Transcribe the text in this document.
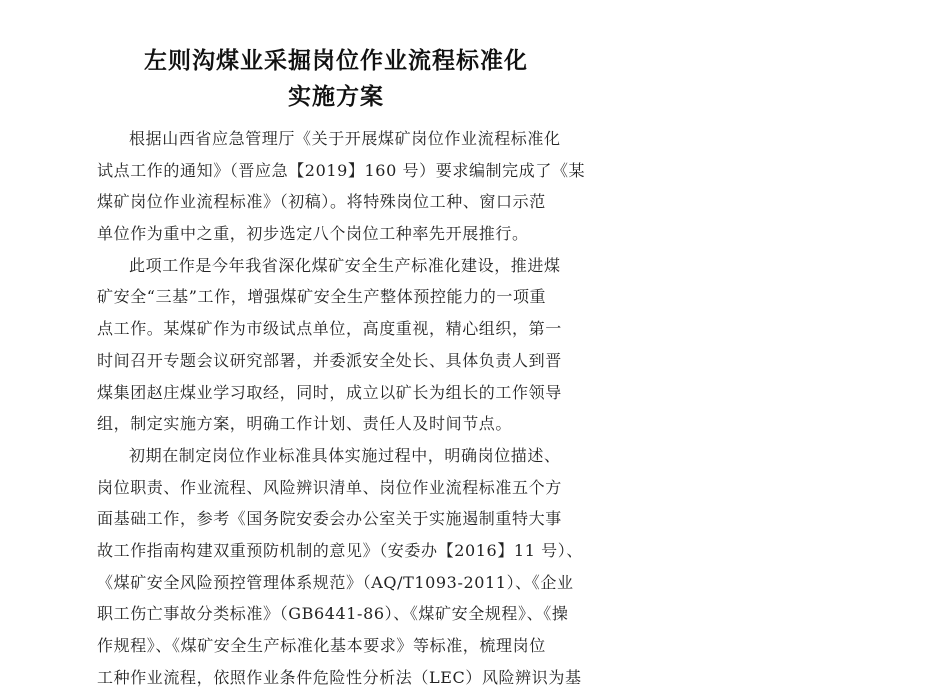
左则沟煤业采掘岗位作业流程标准化
实施方案
根据山西省应急管理厅《关于开展煤矿岗位作业流程标准化
试点工作的通知》（晋应急【2019】160 号）要求编制完成了《某
煤矿岗位作业流程标准》（初稿）。将特殊岗位工种、窗口示范
单位作为重中之重，初步选定八个岗位工种率先开展推行。
此项工作是今年我省深化煤矿安全生产标准化建设，推进煤
矿安全“三基”工作，增强煤矿安全生产整体预控能力的一项重
点工作。某煤矿作为市级试点单位，高度重视，精心组织，第一
时间召开专题会议研究部署，并委派安全处长、具体负责人到晋
煤集团赵庄煤业学习取经，同时，成立以矿长为组长的工作领导
组，制定实施方案，明确工作计划、责任人及时间节点。
初期在制定岗位作业标准具体实施过程中，明确岗位描述、
岗位职责、作业流程、风险辨识清单、岗位作业流程标准五个方
面基础工作，参考《国务院安委会办公室关于实施遏制重特大事
故工作指南构建双重预防机制的意见》（安委办【2016】11 号）、
《煤矿安全风险预控管理体系规范》（AQ/T1093-2011）、《企业
职工伤亡事故分类标准》（GB6441-86）、《煤矿安全规程》、《操
作规程》、《煤矿安全生产标准化基本要求》等标准，梳理岗位
工种作业流程，依照作业条件危险性分析法（LEC）风险辨识为基
